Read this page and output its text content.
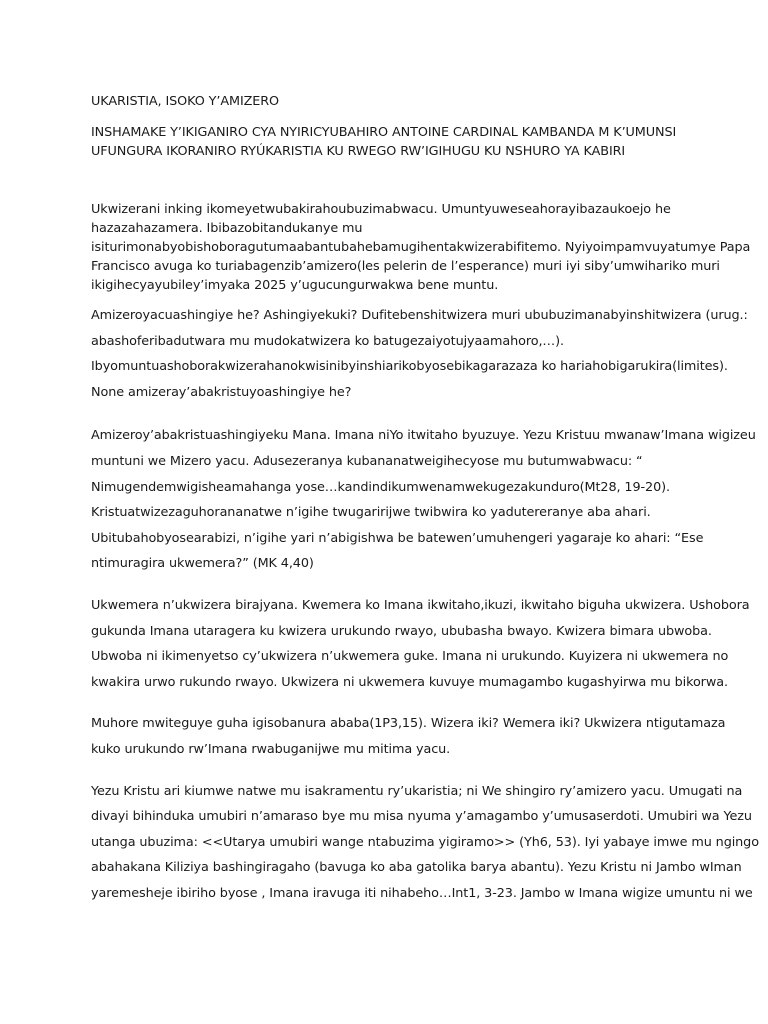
UKARISTIA, ISOKO Y’AMIZERO
INSHAMAKE Y’IKIGANIRO CYA NYIRICYUBAHIRO ANTOINE CARDINAL KAMBANDA M K’UMUNSI
UFUNGURA IKORANIRO RYÚKARISTIA KU RWEGO RW’IGIHUGU KU NSHURO YA KABIRI
Ukwizerani inking ikomeyetwubakirahoubuzimabwacu. Umuntyuweseahorayibazaukoejo he hazazahazamera. Ibibazobitandukanye mu isiturimonabyobishoboragutumaabantubahebamugihentakwizerabifitemo. Nyiyoimpamvuyatumye Papa Francisco avuga ko turiabagenzib’amizero(les pelerin de l’esperance) muri iyi siby’umwihariko muri ikigihecyayubiley’imyaka 2025 y’ugucungurwakwa bene muntu.
Amizeroyacuashingiye he? Ashingiyekuki? Dufitebenshitwizera muri ububuzimanabyinshitwizera (urug.:
abashoferibadutwara mu mudokatwizera ko batugezaiyotujyaamahoro,…).
Ibyomuntuashoborakwizerahanokwisinibyinshiarikobyosebikagarazaza ko hariahobigarukira(limites).
None amizeray’abakristuyoashingiye he?
Amizeroy’abakristuashingiyeku Mana. Imana niYo itwitaho byuzuye. Yezu Kristuu mwanaw’Imana wigizeu
muntuni we Mizero yacu. Adusezeranya kubananatweigihecyose mu butumwabwacu: “
Nimugendemwigisheamahanga yose…kandindikumwenamwekugezakunduro(Mt28, 19-20).
Kristuatwizezaguhorananatwe n’igihe twugaririjwe twibwira ko yadutereranye aba ahari.
Ubitubahobyosearabizi, n’igihe yari n’abigishwa be batewen’umuhengeri yagaraje ko ahari: “Ese
ntimuragira ukwemera?” (MK 4,40)
Ukwemera n’ukwizera birajyana. Kwemera ko Imana ikwitaho,ikuzi, ikwitaho biguha ukwizera. Ushobora
gukunda Imana utaragera ku kwizera urukundo rwayo, ububasha bwayo. Kwizera bimara ubwoba.
Ubwoba ni ikimenyetso cy’ukwizera n’ukwemera guke. Imana ni urukundo. Kuyizera ni ukwemera no
kwakira urwo rukundo rwayo. Ukwizera ni ukwemera kuvuye mumagambo kugashyirwa mu bikorwa.
Muhore mwiteguye guha igisobanura ababa(1P3,15). Wizera iki? Wemera iki? Ukwizera ntigutamaza
kuko urukundo rw’Imana rwabuganijwe mu mitima yacu.
Yezu Kristu ari kiumwe natwe mu isakramentu ry’ukaristia; ni We shingiro ry’amizero yacu. Umugati na
divayi bihinduka umubiri n’amaraso bye mu misa nyuma y’amagambo y’umusaserdoti. Umubiri wa Yezu
utanga ubuzima: <<Utarya umubiri wange ntabuzima yigiramo>> (Yh6, 53). Iyi yabaye imwe mu ngingo
abahakana Kiliziya bashingiragaho (bavuga ko aba gatolika barya abantu). Yezu Kristu ni Jambo wIman
yaremesheje ibiriho byose , Imana iravuga iti nihabeho…Int1, 3-23. Jambo w Imana wigize umuntu ni we
